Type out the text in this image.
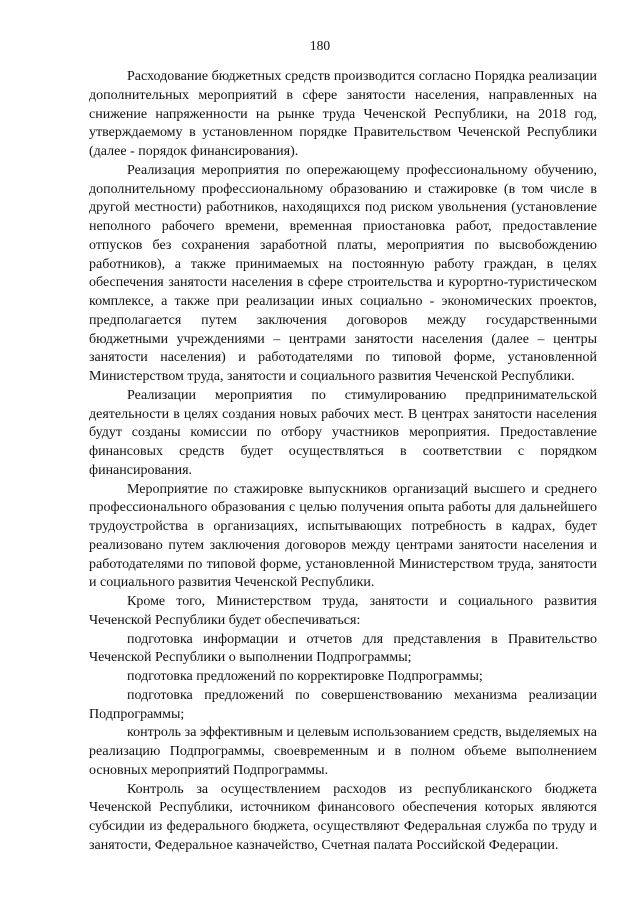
180

Расходование бюджетных средств производится согласно Порядка реализации дополнительных мероприятий в сфере занятости населения, направленных на снижение напряженности на рынке труда Чеченской Республики, на 2018 год, утверждаемому в установленном порядке Правительством Чеченской Республики (далее - порядок финансирования).

Реализация мероприятия по опережающему профессиональному обучению, дополнительному профессиональному образованию и стажировке (в том числе в другой местности) работников, находящихся под риском увольнения (установление неполного рабочего времени, временная приостановка работ, предоставление отпусков без сохранения заработной платы, мероприятия по высвобождению работников), а также принимаемых на постоянную работу граждан, в целях обеспечения занятости населения в сфере строительства и курортно-туристическом комплексе, а также при реализации иных социально - экономических проектов, предполагается путем заключения договоров между государственными бюджетными учреждениями – центрами занятости населения (далее – центры занятости населения) и работодателями по типовой форме, установленной Министерством труда, занятости и социального развития Чеченской Республики.

Реализации мероприятия по стимулированию предпринимательской деятельности в целях создания новых рабочих мест. В центрах занятости населения будут созданы комиссии по отбору участников мероприятия. Предоставление финансовых средств будет осуществляться в соответствии с порядком финансирования.

Мероприятие по стажировке выпускников организаций высшего и среднего профессионального образования с целью получения опыта работы для дальнейшего трудоустройства в организациях, испытывающих потребность в кадрах, будет реализовано путем заключения договоров между центрами занятости населения и работодателями по типовой форме, установленной Министерством труда, занятости и социального развития Чеченской Республики.

Кроме того, Министерством труда, занятости и социального развития Чеченской Республики будет обеспечиваться:

подготовка информации и отчетов для представления в Правительство Чеченской Республики о выполнении Подпрограммы;

подготовка предложений по корректировке Подпрограммы;

подготовка предложений по совершенствованию механизма реализации Подпрограммы;

контроль за эффективным и целевым использованием средств, выделяемых на реализацию Подпрограммы, своевременным и в полном объеме выполнением основных мероприятий Подпрограммы.

Контроль за осуществлением расходов из республиканского бюджета Чеченской Республики, источником финансового обеспечения которых являются субсидии из федерального бюджета, осуществляют Федеральная служба по труду и занятости, Федеральное казначейство, Счетная палата Российской Федерации.
